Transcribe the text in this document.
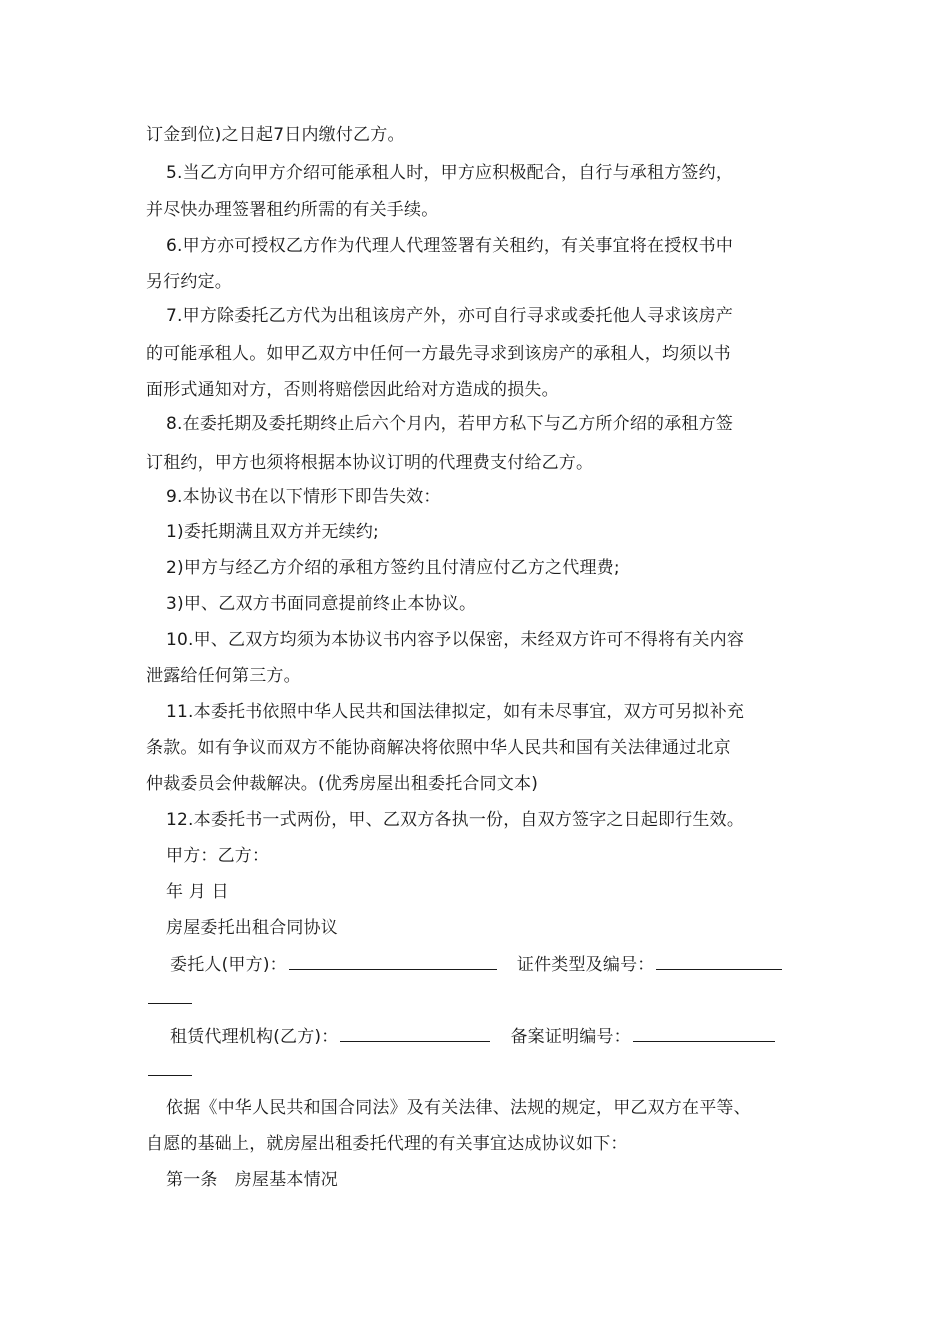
订金到位)之日起7日内缴付乙方。
5.当乙方向甲方介绍可能承租人时，甲方应积极配合，自行与承租方签约，
并尽快办理签署租约所需的有关手续。
6.甲方亦可授权乙方作为代理人代理签署有关租约，有关事宜将在授权书中
另行约定。
7.甲方除委托乙方代为出租该房产外，亦可自行寻求或委托他人寻求该房产
的可能承租人。如甲乙双方中任何一方最先寻求到该房产的承租人，均须以书
面形式通知对方，否则将赔偿因此给对方造成的损失。
8.在委托期及委托期终止后六个月内，若甲方私下与乙方所介绍的承租方签
订租约，甲方也须将根据本协议订明的代理费支付给乙方。
9.本协议书在以下情形下即告失效：
1)委托期满且双方并无续约;
2)甲方与经乙方介绍的承租方签约且付清应付乙方之代理费;
3)甲、乙双方书面同意提前终止本协议。
10.甲、乙双方均须为本协议书内容予以保密，未经双方许可不得将有关内容
泄露给任何第三方。
11.本委托书依照中华人民共和国法律拟定，如有未尽事宜，双方可另拟补充
条款。如有争议而双方不能协商解决将依照中华人民共和国有关法律通过北京
仲裁委员会仲裁解决。(优秀房屋出租委托合同文本)
12.本委托书一式两份，甲、乙双方各执一份，自双方签字之日起即行生效。
甲方：乙方：
年 月 日
房屋委托出租合同协议
委托人(甲方)：	证件类型及编号：
租赁代理机构(乙方)：	备案证明编号：
依据《中华人民共和国合同法》及有关法律、法规的规定，甲乙双方在平等、
自愿的基础上，就房屋出租委托代理的有关事宜达成协议如下：
第一条　房屋基本情况
